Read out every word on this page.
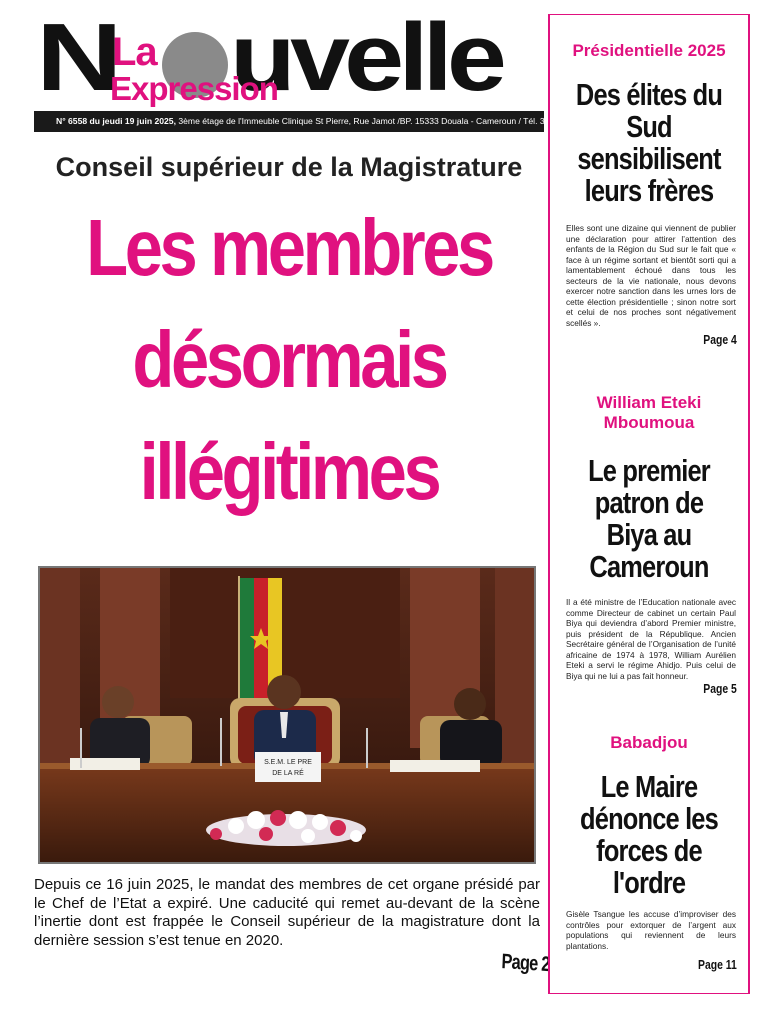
N uvelle
La
Expression
N° 6558 du jeudi 19 juin 2025, 3ème étage de l'Immeuble Clinique St Pierre, Rue Jamot /BP. 15333 Douala - Cameroun / Tél. 33 43 22 27 / Fax. 33 43 26 6
Conseil supérieur de la Magistrature
Les membres
désormais
illégitimes
S.E.M. LE PRE
DE LA RÉ
Depuis ce 16 juin 2025, le mandat des membres de cet organe présidé par le Chef de l’Etat a expiré. Une caducité qui remet au-devant de la scène l’inertie dont est frappée le Conseil supérieur de la magistrature dont la dernière session s’est tenue en 2020.
Page 2
Présidentielle 2025
Des élites du Sud sensibilisent leurs frères
Elles sont une dizaine qui viennent de publier une déclaration pour attirer l’attention des enfants de la Région du Sud sur le fait que « face à un régime sortant et bientôt sorti qui a lamentablement échoué dans tous les secteurs de la vie nationale, nous devons exercer notre sanction dans les urnes lors de cette élection présidentielle ; sinon notre sort et celui de nos proches sont négativement scellés ».
Page 4
William Eteki Mboumoua
Le premier patron de Biya au Cameroun
Il a été ministre de l’Education nationale avec comme Directeur de cabinet un certain Paul Biya qui deviendra d’abord Premier ministre, puis président de la République. Ancien Secrétaire général de l’Organisation de l’unité africaine de 1974 à 1978, William Aurélien Eteki a servi le régime Ahidjo. Puis celui de Biya qui ne lui a pas fait honneur.
Page 5
Babadjou
Le Maire dénonce les forces de l'ordre
Gisèle Tsangue les accuse d’improviser des contrôles pour extorquer de l’argent aux populations qui reviennent de leurs plantations.
Page 11
